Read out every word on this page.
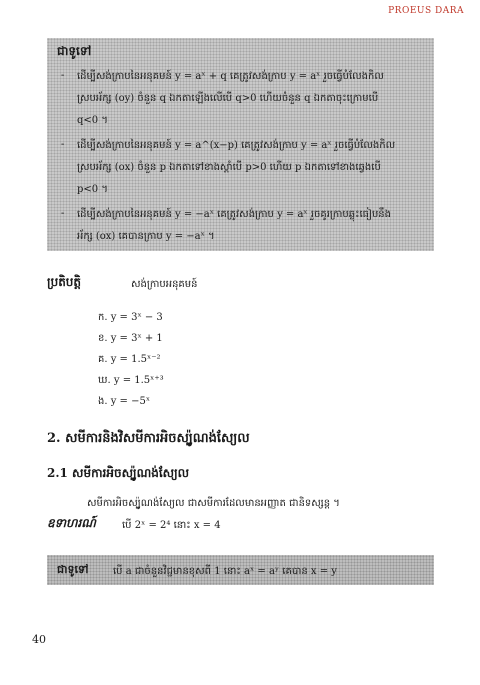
PROEUS DARA
ជាទូទៅ
- ដើម្បីសង់ក្រាបនៃអនុគមន៍ y = aˣ + q គេត្រូវសង់ក្រាប y = aˣ រួចធ្វើបំលែងកិល
ស្របអ័ក្ស (oy) ចំនួន q ឯកតាឡើងលើបើ q>0 ហើយចំនួន q ឯកតាចុះក្រោមបើ
q<0 ។
- ដើម្បីសង់ក្រាបនៃអនុគមន៍ y = a^(x−p) គេត្រូវសង់ក្រាប y = aˣ រួចធ្វើបំលែងកិល
ស្របអ័ក្ស (ox) ចំនួន p ឯកតាទៅខាងស្តាំបើ p>0 ហើយ p ឯកតាទៅខាងឆ្វេងបើ
p<0 ។
- ដើម្បីសង់ក្រាបនៃអនុគមន៍ y = −aˣ គេត្រូវសង់ក្រាប y = aˣ រួចគូរក្រាបឆ្លុះធៀបនឹង
អ័ក្ស (ox) គេបានក្រាប y = −aˣ ។
ប្រតិបត្តិ	សង់ក្រាបអនុគមន៍
ក. y = 3ˣ − 3
ខ. y = 3ˣ + 1
គ. y = 1.5ˣ⁻²
ឃ. y = 1.5ˣ⁺³
ង. y = −5ˣ
2. សមីការនិងវិសមីការអិចស្ប៉ូណង់ស្យែល
2.1 សមីការអិចស្ប៉ូណង់ស្យែល
សមីការអិចស្ប៉ូណង់ស្យែល ជាសមីការដែលមានអញ្ញាត ជានិទស្សន្ត ។
ឧទាហរណ៍	បើ 2ˣ = 2⁴ នោះ x = 4
ជាទូទៅ បើ a ជាចំនួនវិជ្ជមានខុសពី 1 នោះ aˣ = aʸ គេបាន x = y
40
